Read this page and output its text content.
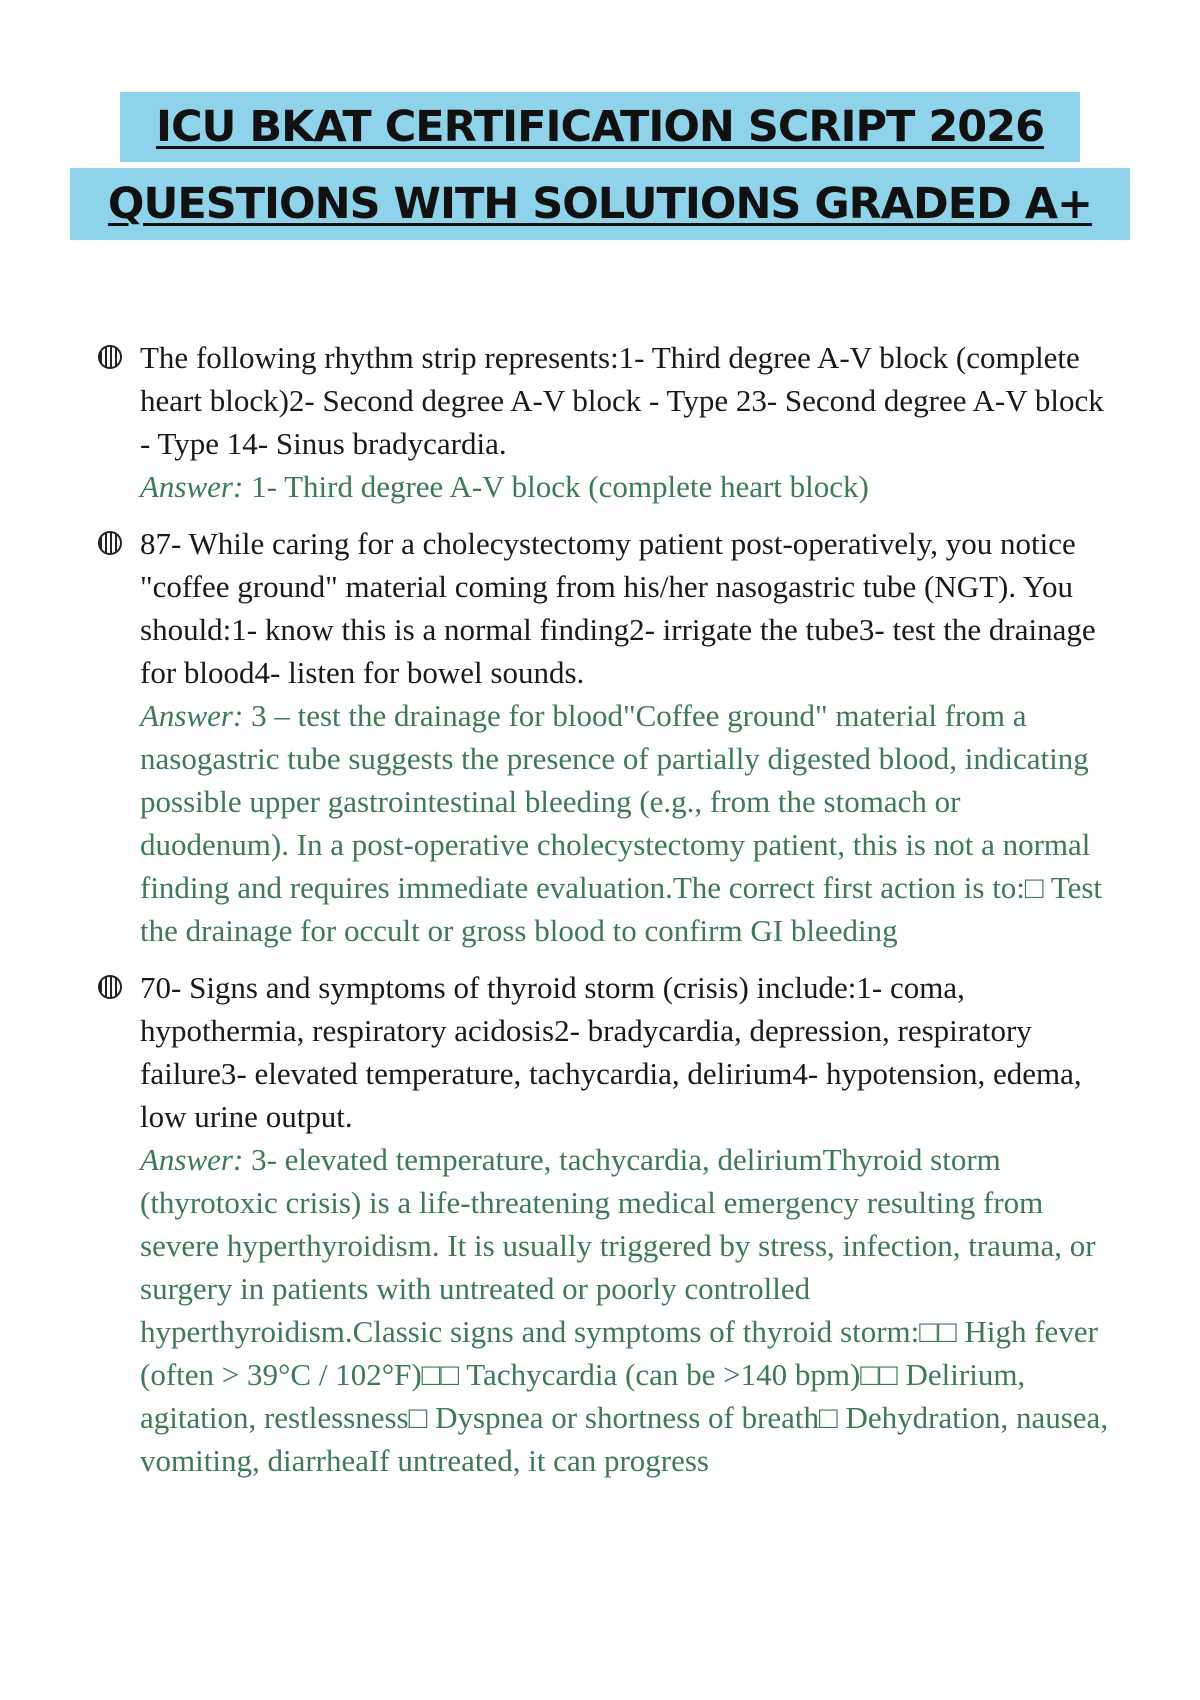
ICU BKAT CERTIFICATION SCRIPT 2026
QUESTIONS WITH SOLUTIONS GRADED A+

The following rhythm strip represents:1- Third degree A-V block (complete heart block)2- Second degree A-V block - Type 23- Second degree A-V block - Type 14- Sinus bradycardia.

Answer: 1- Third degree A-V block (complete heart block)

87- While caring for a cholecystectomy patient post-operatively, you notice "coffee ground" material coming from his/her nasogastric tube (NGT). You should:1- know this is a normal finding2- irrigate the tube3- test the drainage for blood4- listen for bowel sounds.

Answer: 3 – test the drainage for blood"Coffee ground" material from a nasogastric tube suggests the presence of partially digested blood, indicating possible upper gastrointestinal bleeding (e.g., from the stomach or duodenum). In a post-operative cholecystectomy patient, this is not a normal finding and requires immediate evaluation.The correct first action is to:□ Test the drainage for occult or gross blood to confirm GI bleeding

70- Signs and symptoms of thyroid storm (crisis) include:1- coma, hypothermia, respiratory acidosis2- bradycardia, depression, respiratory failure3- elevated temperature, tachycardia, delirium4- hypotension, edema, low urine output.

Answer: 3- elevated temperature, tachycardia, deliriumThyroid storm (thyrotoxic crisis) is a life-threatening medical emergency resulting from severe hyperthyroidism. It is usually triggered by stress, infection, trauma, or surgery in patients with untreated or poorly controlled hyperthyroidism.Classic signs and symptoms of thyroid storm:□□ High fever (often > 39°C / 102°F)□□ Tachycardia (can be >140 bpm)□□ Delirium, agitation, restlessness□ Dyspnea or shortness of breath□ Dehydration, nausea, vomiting, diarrheaIf untreated, it can progress
